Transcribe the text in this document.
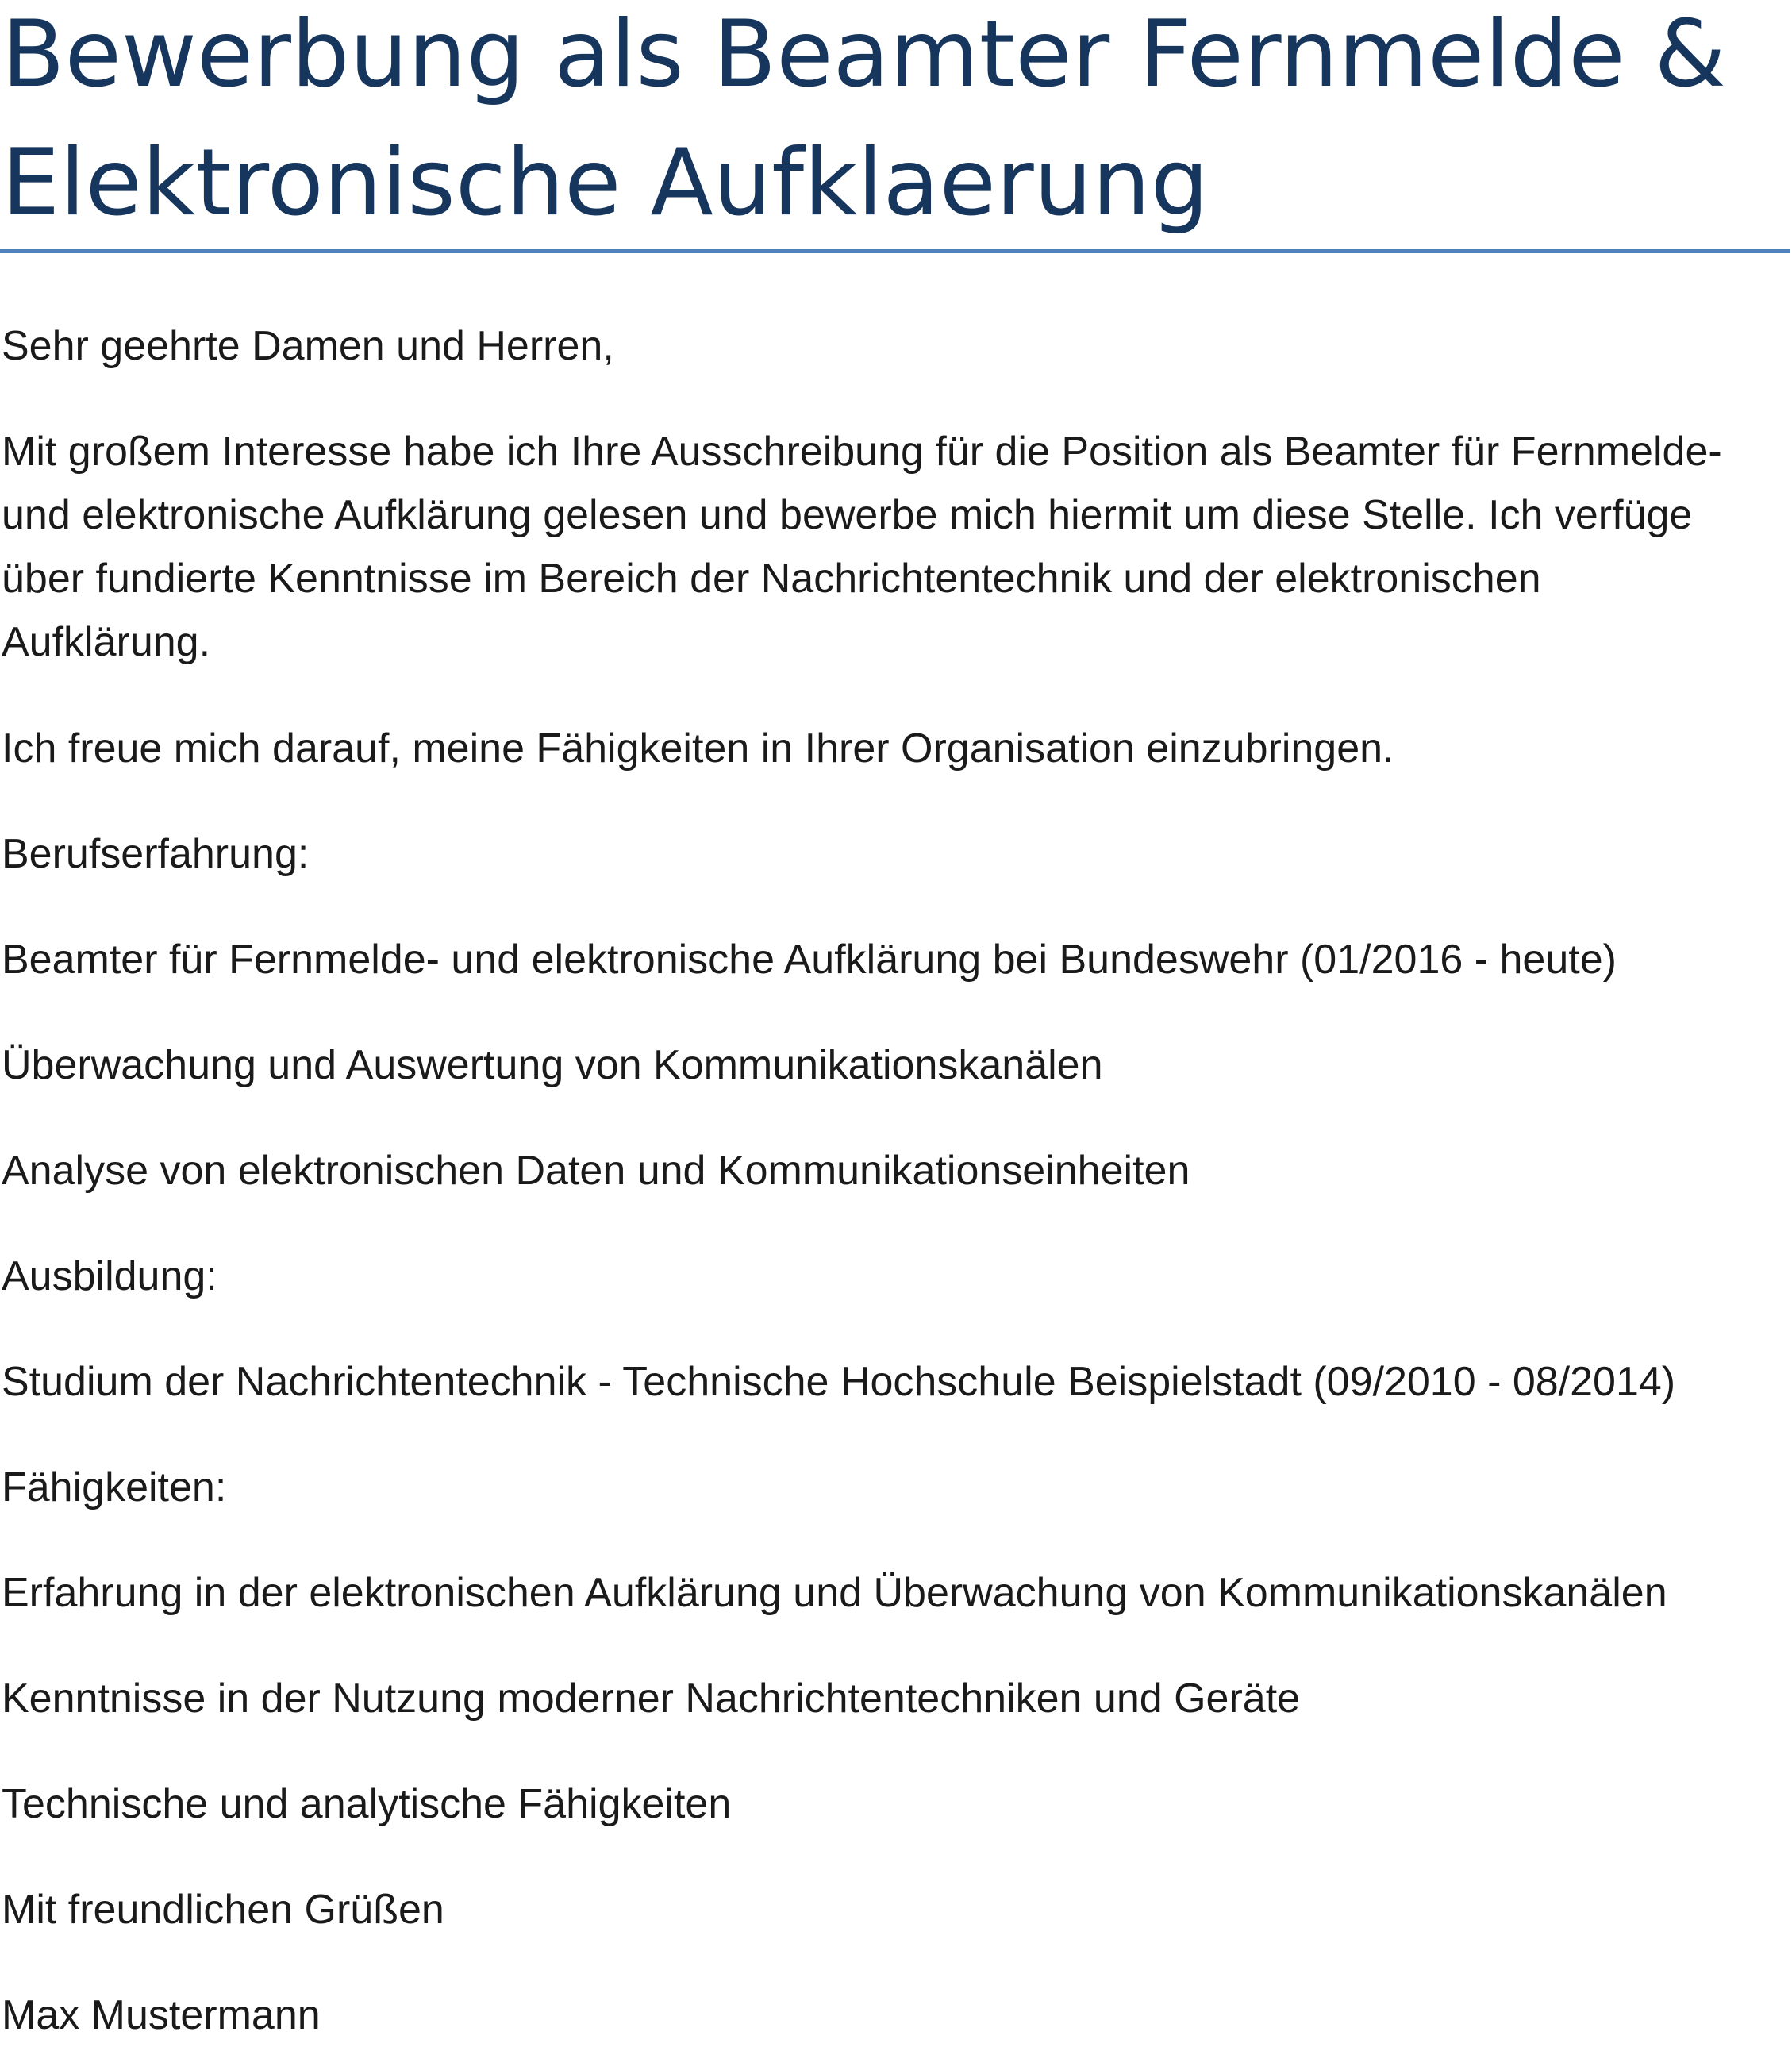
Bewerbung als Beamter Fernmelde & Elektronische Aufklaerung

Sehr geehrte Damen und Herren,

Mit großem Interesse habe ich Ihre Ausschreibung für die Position als Beamter für Fernmelde-

und elektronische Aufklärung gelesen und bewerbe mich hiermit um diese Stelle. Ich verfüge

über fundierte Kenntnisse im Bereich der Nachrichtentechnik und der elektronischen

Aufklärung.

Ich freue mich darauf, meine Fähigkeiten in Ihrer Organisation einzubringen.

Berufserfahrung:

Beamter für Fernmelde- und elektronische Aufklärung bei Bundeswehr (01/2016 - heute)

Überwachung und Auswertung von Kommunikationskanälen

Analyse von elektronischen Daten und Kommunikationseinheiten

Ausbildung:

Studium der Nachrichtentechnik - Technische Hochschule Beispielstadt (09/2010 - 08/2014)

Fähigkeiten:

Erfahrung in der elektronischen Aufklärung und Überwachung von Kommunikationskanälen

Kenntnisse in der Nutzung moderner Nachrichtentechniken und Geräte

Technische und analytische Fähigkeiten

Mit freundlichen Grüßen

Max Mustermann
